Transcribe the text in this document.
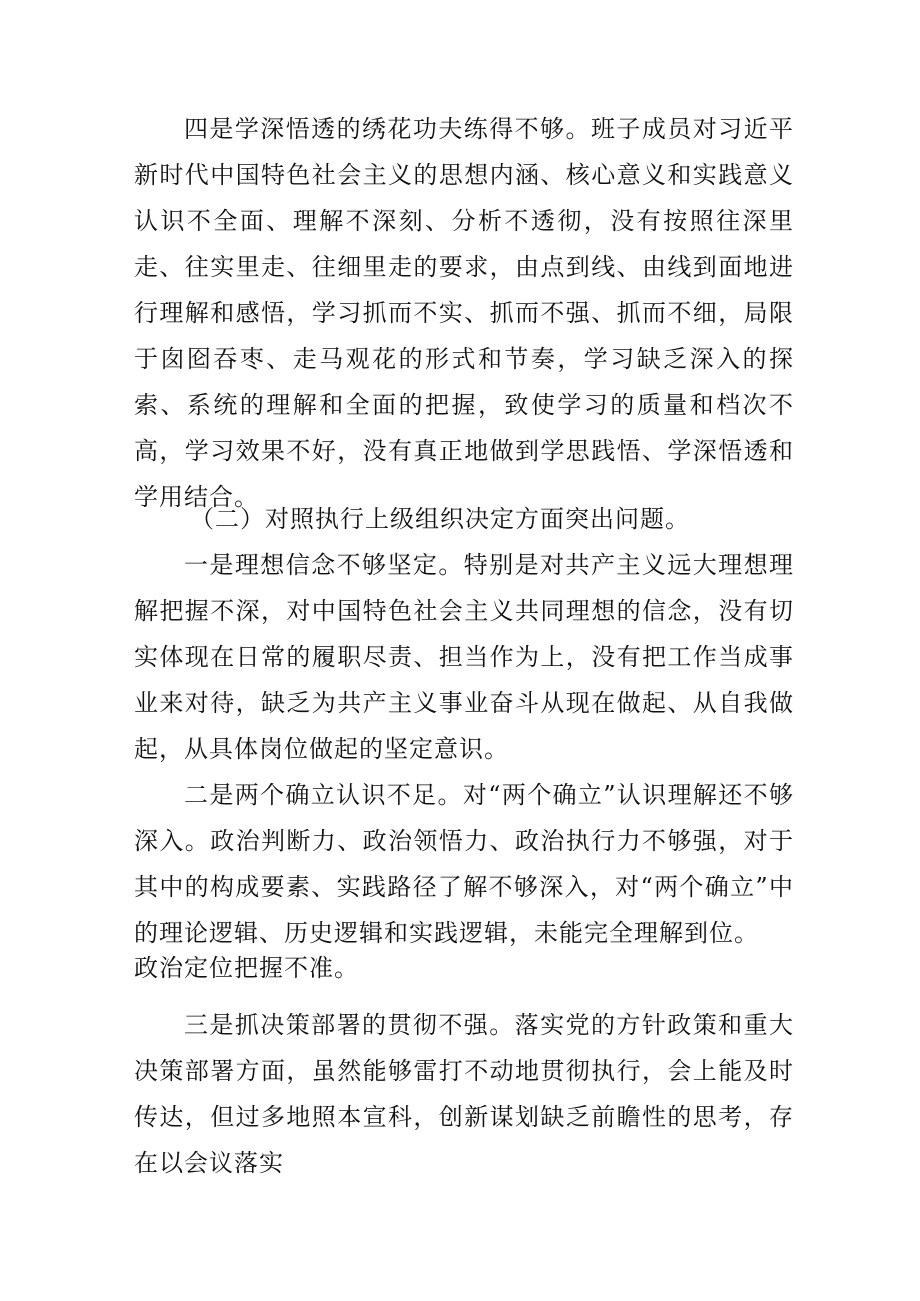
四是学深悟透的绣花功夫练得不够。班子成员对习近平新时代中国特色社会主义的思想内涵、核心意义和实践意义认识不全面、理解不深刻、分析不透彻，没有按照往深里走、往实里走、往细里走的要求，由点到线、由线到面地进行理解和感悟，学习抓而不实、抓而不强、抓而不细，局限于囱囵吞枣、走马观花的形式和节奏，学习缺乏深入的探索、系统的理解和全面的把握，致使学习的质量和档次不高，学习效果不好，没有真正地做到学思践悟、学深悟透和学用结合。

（二）对照执行上级组织决定方面突出问题。

一是理想信念不够坚定。特别是对共产主义远大理想理解把握不深，对中国特色社会主义共同理想的信念，没有切实体现在日常的履职尽责、担当作为上，没有把工作当成事业来对待，缺乏为共产主义事业奋斗从现在做起、从自我做起，从具体岗位做起的坚定意识。

二是两个确立认识不足。对“两个确立”认识理解还不够深入。政治判断力、政治领悟力、政治执行力不够强，对于其中的构成要素、实践路径了解不够深入，对“两个确立”中的理论逻辑、历史逻辑和实践逻辑，未能完全理解到位。

政治定位把握不准。

三是抓决策部署的贯彻不强。落实党的方针政策和重大决策部署方面，虽然能够雷打不动地贯彻执行，会上能及时传达，但过多地照本宣科，创新谋划缺乏前瞻性的思考，存在以会议落实
